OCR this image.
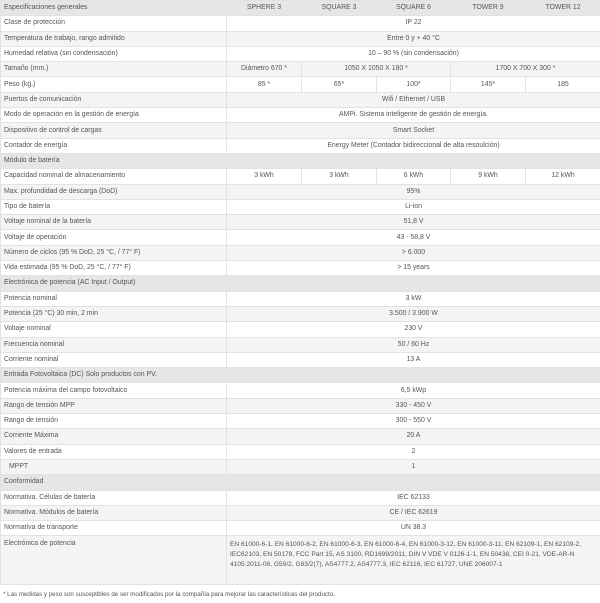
Especificaciones generales	SPHERE 3	SQUARE 3	SQUARE 6	TOWER 9	TOWER 12
Clase de protección	IP 22				
Temperatura de trabajo, rango admitido	Entre 0 y + 40 °C				
Humedad relativa (sin condensación)	10 – 90 % (sin condensación)				
Tamaño (mm.)	Diámetro 670 *	1050 X 1050 X 180 *		1700 X 700 X 300 *	
Peso (kg.)	85 *	65*	100*	145*	185
Puertos de comunicación	Wifi / Ethernet / USB				
Modo de operación en la gestión de energía	AMPi. Sistema inteligente de gestión de energía.				
Dispositivo de control de cargas	Smart Socket				
Contador de energía	Energy Meter (Contador bidireccional de alta resoulción)				
Módulo de batería					
Capacidad nominal de almacenamiento	3 kWh	3 kWh	6 kWh	9 kWh	12 kWh
Max. profundidad de descarga (DoD)	95%				
Tipo de batería	Li-ion				
Voltaje nominal de la batería	51,8 V				
Voltaje de operación	43 - 58,8 V				
Número de ciclos (95 % DoD, 25 °C, / 77° F)	> 6.000				
Vida estimada (95 % DoD, 25 °C, / 77° F)	> 15 years				
Electrónica de potencia (AC Input / Output)					
Potencia nominal	3 kW				
Potencia (25 °C) 30 min, 2 min	3.500 / 3.900 W				
Voltaje nominal	230 V				
Frecuencia nominal	50 / 60 Hz				
Corriente nominal	13 A				
Entrada Fotovoltaica (DC) Solo productos con PV.					
Potencia máxima del campo fotovoltaico	6,5 kWp				
Rango de tensión MPP	330 - 450 V				
Rango de tensión	300 - 550 V				
Corriente Máxima	20 A				
Valores de entrada	2				
MPPT	1				
Conformidad					
Normativa. Células de batería	IEC 62133				
Normativa. Módulos de batería	CE / IEC 62619				
Normativa de transporte	UN 38.3				
Electrónica de potencia	EN 61000-6-1, EN 61000-6-2, EN 61000-6-3, EN 61000-6-4, EN 61000-3-12, EN 61000-3-11, EN 62109-1, EN 62109-2, IEC62103, EN 50178, FCC Part 15, AS 3100, RD1699/2011, DIN V VDE V 0126-1-1, EN 50438, CEI 0-21, VDE-AR-N 4105:2011-08, G59/2, G83/2(7), AS4777.2, AS4777.3, IEC 62116, IEC 61727, UNE 206007-1				
* Las medidas y peso son susceptibles de ser modificados por la compañía para mejorar las características del producto.
